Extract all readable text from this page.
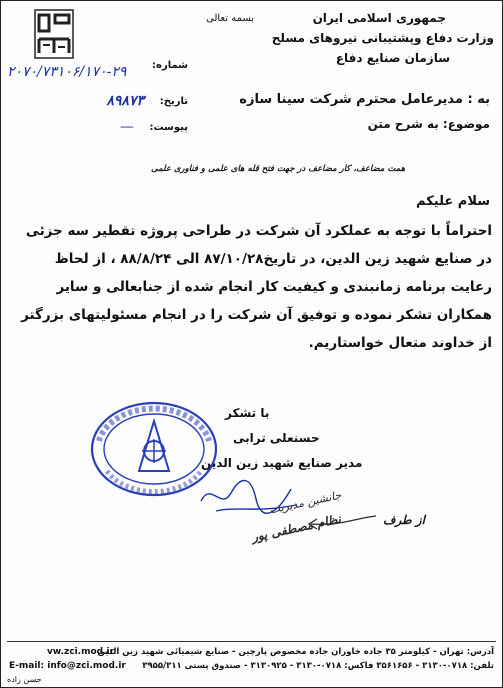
جمهوری اسلامی ایران
وزارت دفاع وپشتیبانی نیروهای مسلح
سازمان صنایع دفاع
بسمه تعالی
شماره:
۲۰۷۰/۷۳۱۰۶/۱۷۰-۲۹
تاریخ:
۸۹۸۷۳
پیوست:
—
به : مدیرعامل محترم شرکت سینا سازه
موضوع: به شرح متن
همت مضاعف، کار مضاعف در جهت فتح قله های علمی و فناوری علمی
سلام علیکم
احتراماً با توجه به عملکرد آن شرکت در طراحی پروژه تقطیر سه جزئی
در صنایع شهید زین الدین، در تاریخ۸۷/۱۰/۲۸ الی ۸۸/۸/۲۴ ، از لحاظ
رعایت برنامه زمانبندی و کیفیت کار انجام شده از جنابعالی و سایر
همکاران تشکر نموده و توفیق آن شرکت را در انجام مسئولیتهای بزرگتر
از خداوند متعال خواستاریم.
با تشکر
حسنعلی ترابی
مدیر صنایع شهید زین الدین
جانشین مدیریت
نظام مصطفی پور	از طرف
آدرس: تهران - کیلومتر ۳۵ جاده خاوران جاده مخصوص پارچین - صنایع شیمیائی شهید زین الدین
تلفن: ۰۷۱۸-۳۱۳۰ - ۳۵۶۱۶۵۶ فاکس: ۰۷۱۸-۳۱۳۰ - ۳۱۳۰۹۲۵ - صندوق پستی ۳۹۵۵/۳۱۱
vw.zci.mod.ir
E-mail: info@zci.mod.ir
حسن زاده
